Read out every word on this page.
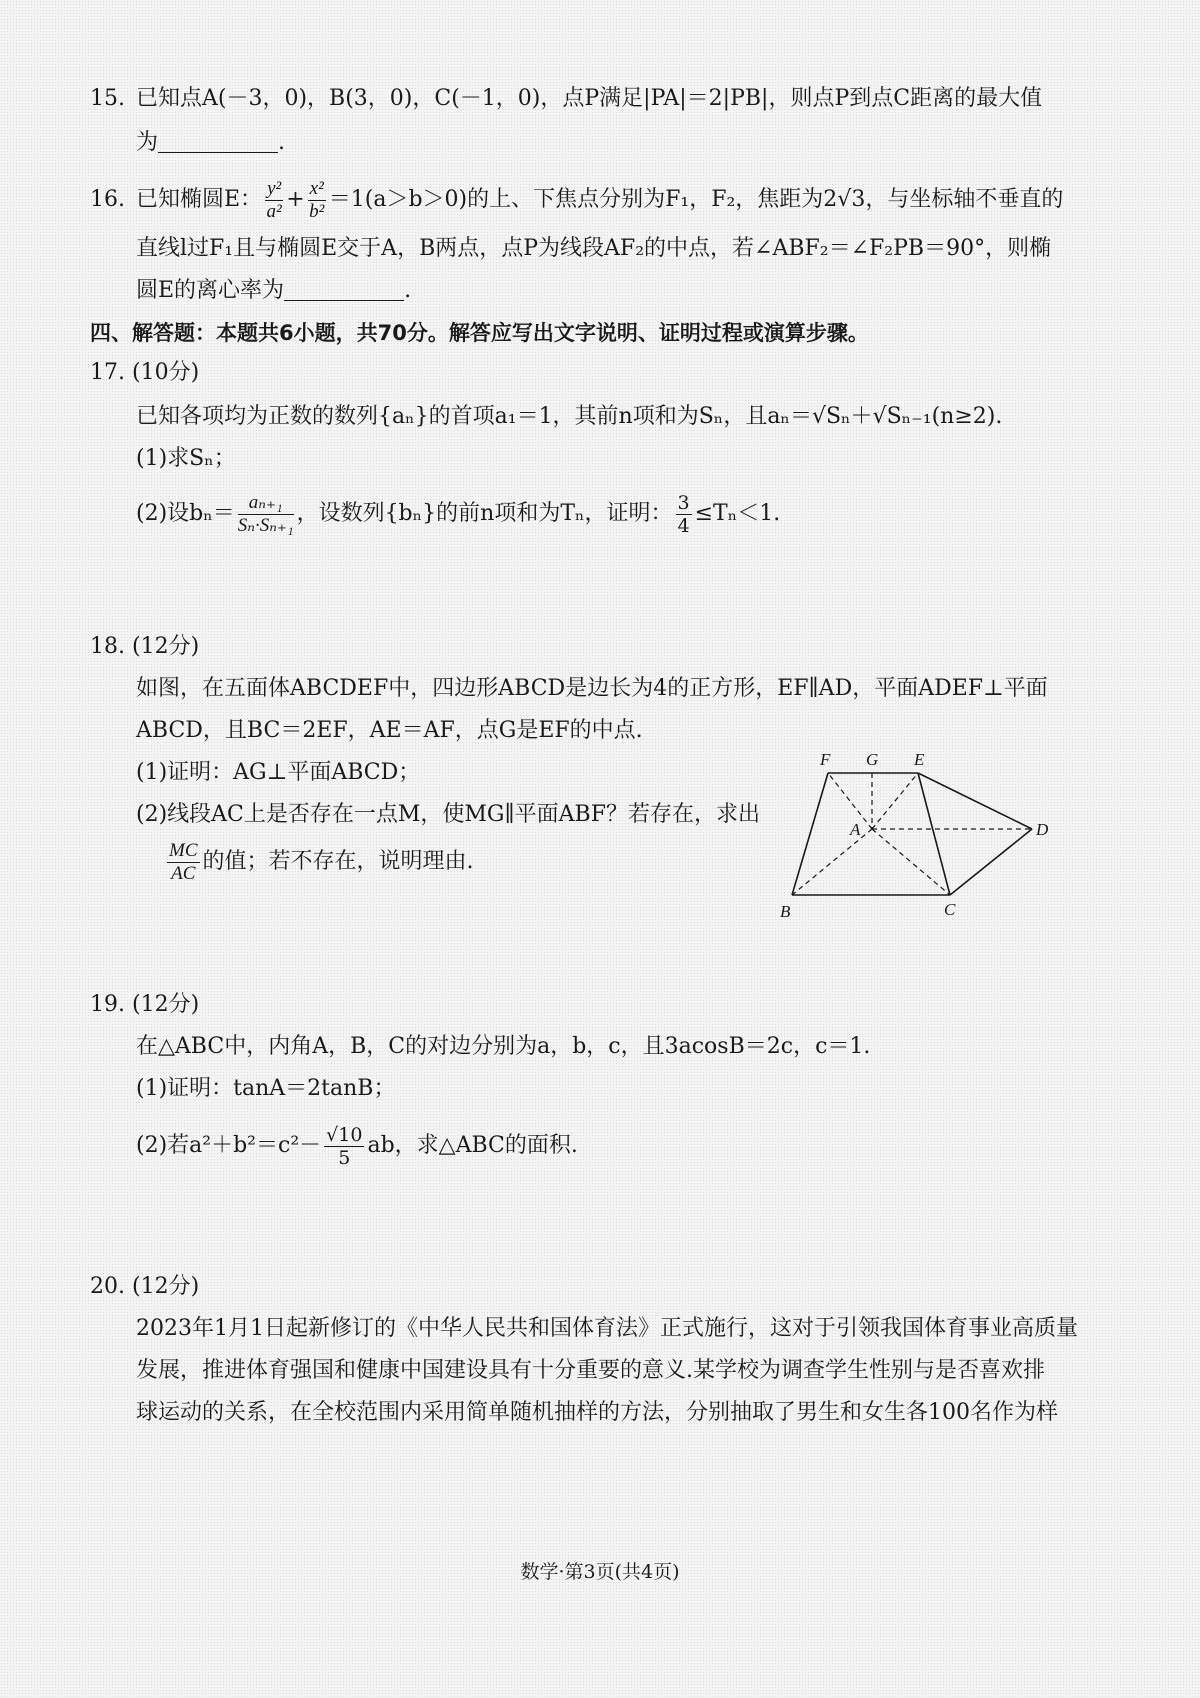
15. 已知点A(－3，0)，B(3，0)，C(－1，0)，点P满足|PA|＝2|PB|，则点P到点C距离的最大值
为	.
16. 已知椭圆E： $\frac{\text{y²}}{\text{a²}} + \frac{\text{x²}}{\text{b²}} =1(a>b>0)$的上、下焦点分别为F₁，F₂，焦距为2√3，与坐标轴不垂直的
直线l过F₁且与椭圆E交于A，B两点，点P为线段AF₂的中点，若∠ABF₂＝∠F₂PB＝90°，则椭
圆E的离心率为	.
四、解答题：本题共6小题，共70分。解答应写出文字说明、证明过程或演算步骤。
17. (10分)
已知各项均为正数的数列{aₙ}的首项a₁＝1，其前n项和为Sₙ，且aₙ＝√Sₙ＋√Sₙ₋₁(n≥2).
(1)求Sₙ；
(2)设$b_n= \frac{\text{aₙ₊₁}}{\text{Sₙ·Sₙ₊₁}}$ ，设数列{bₙ}的前n项和为Tₙ，证明： $\frac{3}{4} \le T_n<1$.
18. (12分)
如图，在五面体ABCDEF中，四边形ABCD是边长为4的正方形，EF∥AD，平面ADEF⊥平面
ABCD，且BC＝2EF，AE＝AF，点G是EF的中点.
(1)证明：AG⊥平面ABCD；
(2)线段AC上是否存在一点M，使MG∥平面ABF？若存在，求出
$\frac{MC}{AC}$ 的值；若不存在，说明理由.
F G E
A	D
B	C
19. (12分)
在△ABC中，内角A，B，C的对边分别为a，b，c，且3acosB＝2c，c＝1.
(1)证明：tanA＝2tanB；
(2)若$a^2+b^2=c^2- \frac{√10}{5}$ ab，求△ABC的面积.
20. (12分)
2023年1月1日起新修订的《中华人民共和国体育法》正式施行，这对于引领我国体育事业高质量
发展，推进体育强国和健康中国建设具有十分重要的意义.某学校为调查学生性别与是否喜欢排
球运动的关系，在全校范围内采用简单随机抽样的方法，分别抽取了男生和女生各100名作为样
数学·第3页(共4页)
